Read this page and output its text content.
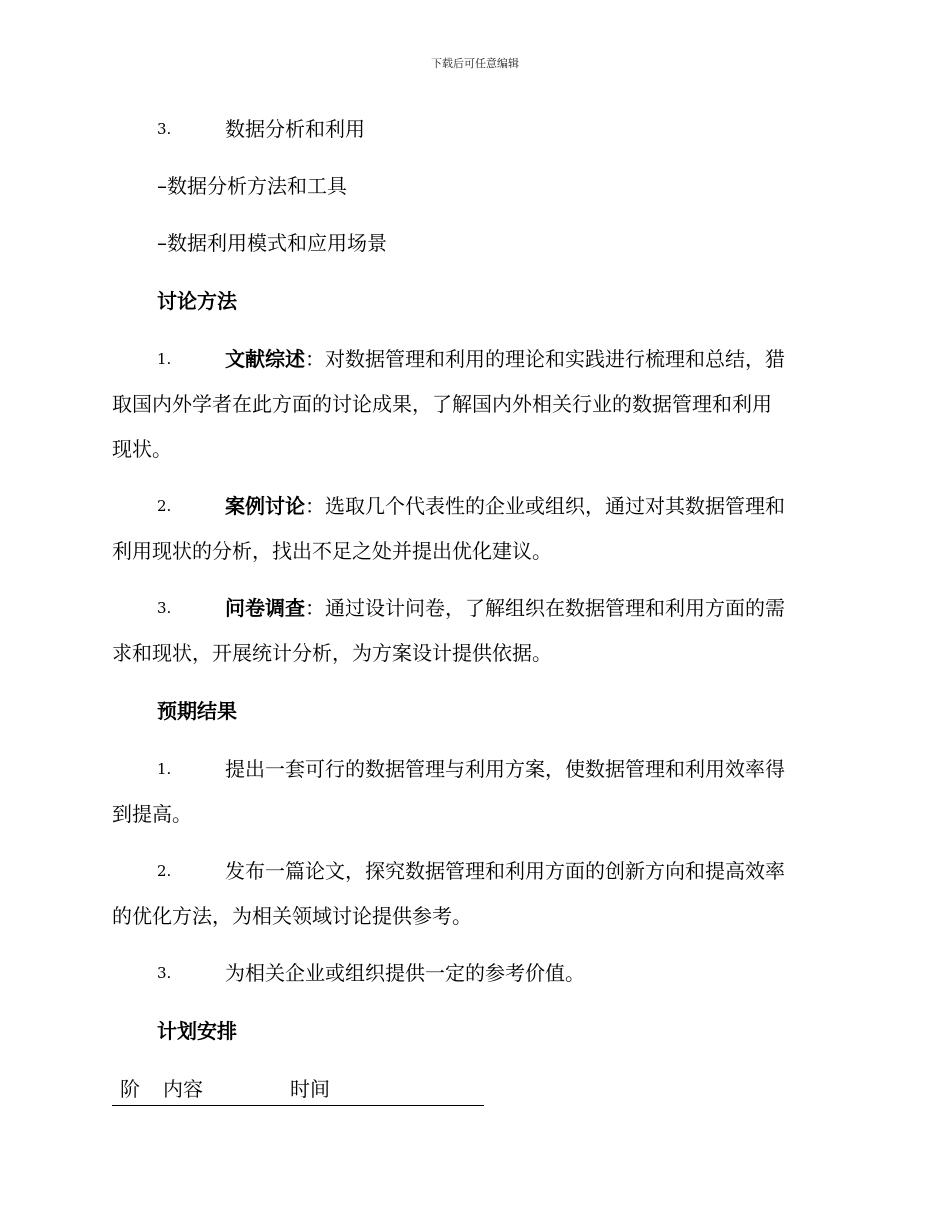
下载后可任意编辑
3.	数据分析和利用
–数据分析方法和工具
–数据利用模式和应用场景
讨论方法
1.	文献综述：对数据管理和利用的理论和实践进行梳理和总结，猎
取国内外学者在此方面的讨论成果，了解国内外相关行业的数据管理和利用
现状。
2.	案例讨论：选取几个代表性的企业或组织，通过对其数据管理和
利用现状的分析，找出不足之处并提出优化建议。
3.	问卷调查：通过设计问卷，了解组织在数据管理和利用方面的需
求和现状，开展统计分析，为方案设计提供依据。
预期结果
1.	提出一套可行的数据管理与利用方案，使数据管理和利用效率得
到提高。
2.	发布一篇论文，探究数据管理和利用方面的创新方向和提高效率
的优化方法，为相关领域讨论提供参考。
3.	为相关企业或组织提供一定的参考价值。
计划安排
阶 内容	时间
